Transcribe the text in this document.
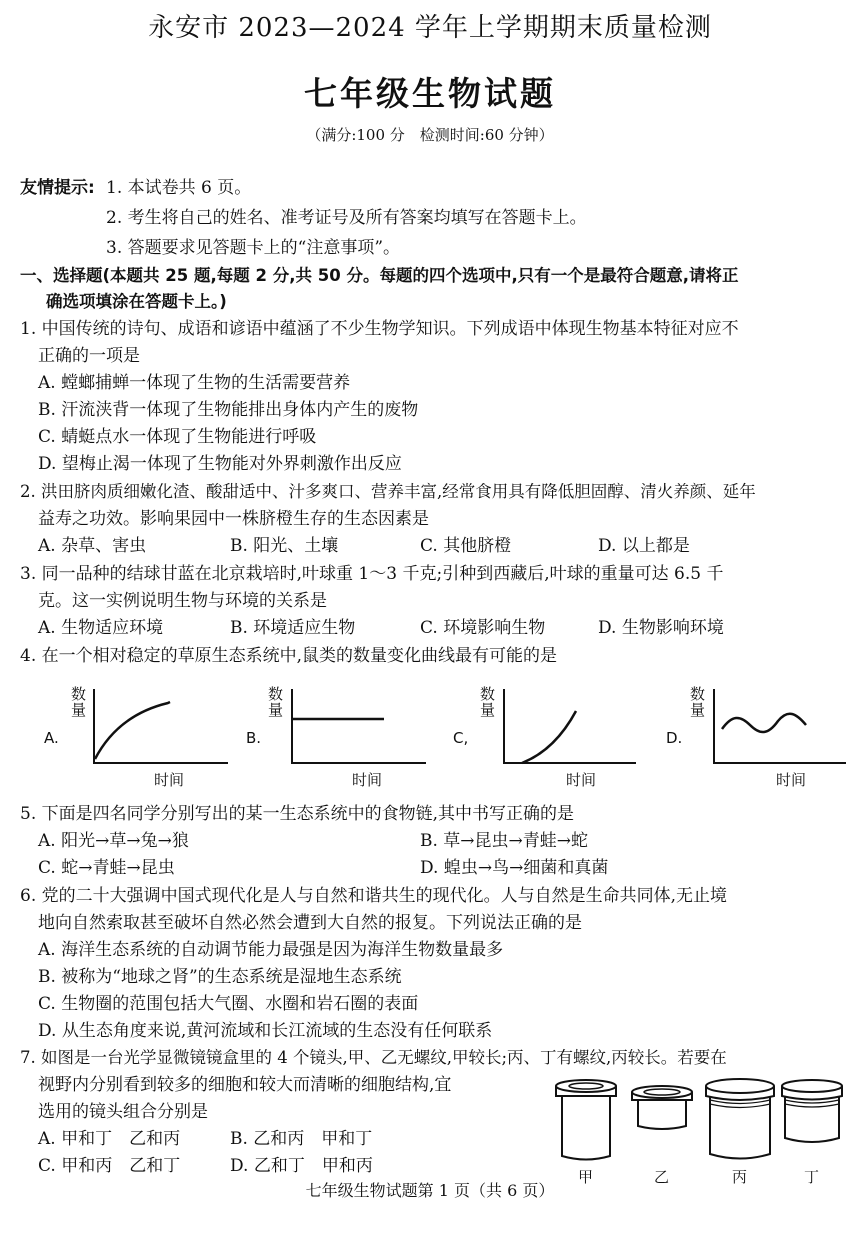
永安市 2023—2024 学年上学期期末质量检测
七年级生物试题
（满分:100 分　检测时间:60 分钟）
友情提示: 1. 本试卷共 6 页。
2. 考生将自己的姓名、准考证号及所有答案均填写在答题卡上。
3. 答题要求见答题卡上的“注意事项”。
一、选择题(本题共 25 题,每题 2 分,共 50 分。每题的四个选项中,只有一个是最符合题意,请将正
确选项填涂在答题卡上。)
1. 中国传统的诗句、成语和谚语中蕴涵了不少生物学知识。下列成语中体现生物基本特征对应不
正确的一项是
A. 螳螂捕蝉一体现了生物的生活需要营养
B. 汗流浃背一体现了生物能排出身体内产生的废物
C. 蜻蜓点水一体现了生物能进行呼吸
D. 望梅止渴一体现了生物能对外界刺激作出反应
2. 洪田脐肉质细嫩化渣、酸甜适中、汁多爽口、营养丰富,经常食用具有降低胆固醇、清火养颜、延年
益寿之功效。影响果园中一株脐橙生存的生态因素是
A. 杂草、害虫	B. 阳光、土壤	C. 其他脐橙	D. 以上都是
3. 同一品种的结球甘蓝在北京栽培时,叶球重 1～3 千克;引种到西藏后,叶球的重量可达 6.5 千
克。这一实例说明生物与环境的关系是
A. 生物适应环境	B. 环境适应生物	C. 环境影响生物	D. 生物影响环境
4. 在一个相对稳定的草原生态系统中,鼠类的数量变化曲线最有可能的是
A.
数
量
时间
B.
数
量
时间
C,
数
量
时间
D.
数
量
时间
5. 下面是四名同学分别写出的某一生态系统中的食物链,其中书写正确的是
A. 阳光→草→兔→狼	B. 草→昆虫→青蛙→蛇
C. 蛇→青蛙→昆虫	D. 蝗虫→鸟→细菌和真菌
6. 党的二十大强调中国式现代化是人与自然和谐共生的现代化。人与自然是生命共同体,无止境
地向自然索取甚至破坏自然必然会遭到大自然的报复。下列说法正确的是
A. 海洋生态系统的自动调节能力最强是因为海洋生物数量最多
B. 被称为“地球之肾”的生态系统是湿地生态系统
C. 生物圈的范围包括大气圈、水圈和岩石圈的表面
D. 从生态角度来说,黄河流域和长江流域的生态没有任何联系
7. 如图是一台光学显微镜镜盒里的 4 个镜头,甲、乙无螺纹,甲较长;丙、丁有螺纹,丙较长。若要在
视野内分别看到较多的细胞和较大而清晰的细胞结构,宜
选用的镜头组合分别是
A. 甲和丁　乙和丙	B. 乙和丙　甲和丁
C. 甲和丙　乙和丁	D. 乙和丁　甲和丙
甲	乙	丙	丁
七年级生物试题第 1 页（共 6 页）
